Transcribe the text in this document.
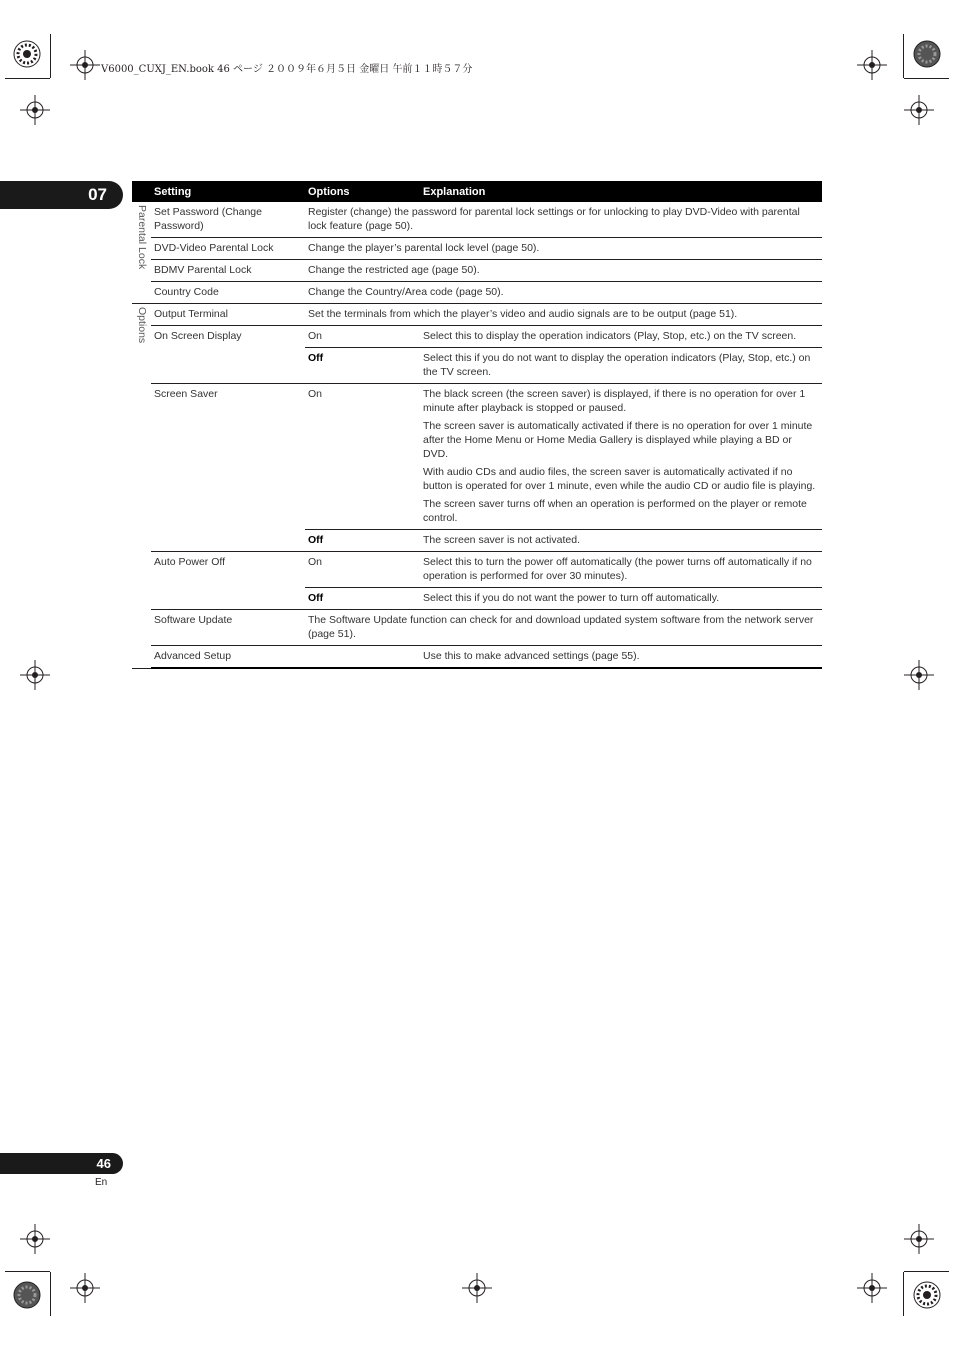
V6000_CUXJ_EN.book 46 ページ ２００９年６月５日 金曜日 午前１１時５７分
07	Setting		Options	Explanation

Parental Lock	Set Password (Change Password)	Register (change) the password for parental lock settings or for unlocking to play DVD-Video with parental lock feature (page 50).	
	DVD-Video Parental Lock	Change the player’s parental lock level (page 50).	
	BDMV Parental Lock	Change the restricted age (page 50).	
	Country Code	Change the Country/Area code (page 50).	

Options	Output Terminal	Set the terminals from which the player’s video and audio signals are to be output (page 51).	
	On Screen Display	On	Select this to display the operation indicators (Play, Stop, etc.) on the TV screen.
		Off	Select this if you do not want to display the operation indicators (Play, Stop, etc.) on the TV screen.
	Screen Saver	On	The black screen (the screen saver) is displayed, if there is no operation for over 1 minute after playback is stopped or paused.

The screen saver is automatically activated if there is no operation for over 1 minute after the Home Menu or Home Media Gallery is displayed while playing a BD or DVD.

With audio CDs and audio files, the screen saver is automatically activated if no button is operated for over 1 minute, even while the audio CD or audio file is playing.

The screen saver turns off when an operation is performed on the player or remote control.

		Off	The screen saver is not activated.
	Auto Power Off	On	Select this to turn the power off automatically (the power turns off automatically if no operation is performed for over 30 minutes).
		Off	Select this if you do not want the power to turn off automatically.
	Software Update	The Software Update function can check for and download updated system software from the network server (page 51).	
	Advanced Setup		Use this to make advanced settings (page 55).
46
En
